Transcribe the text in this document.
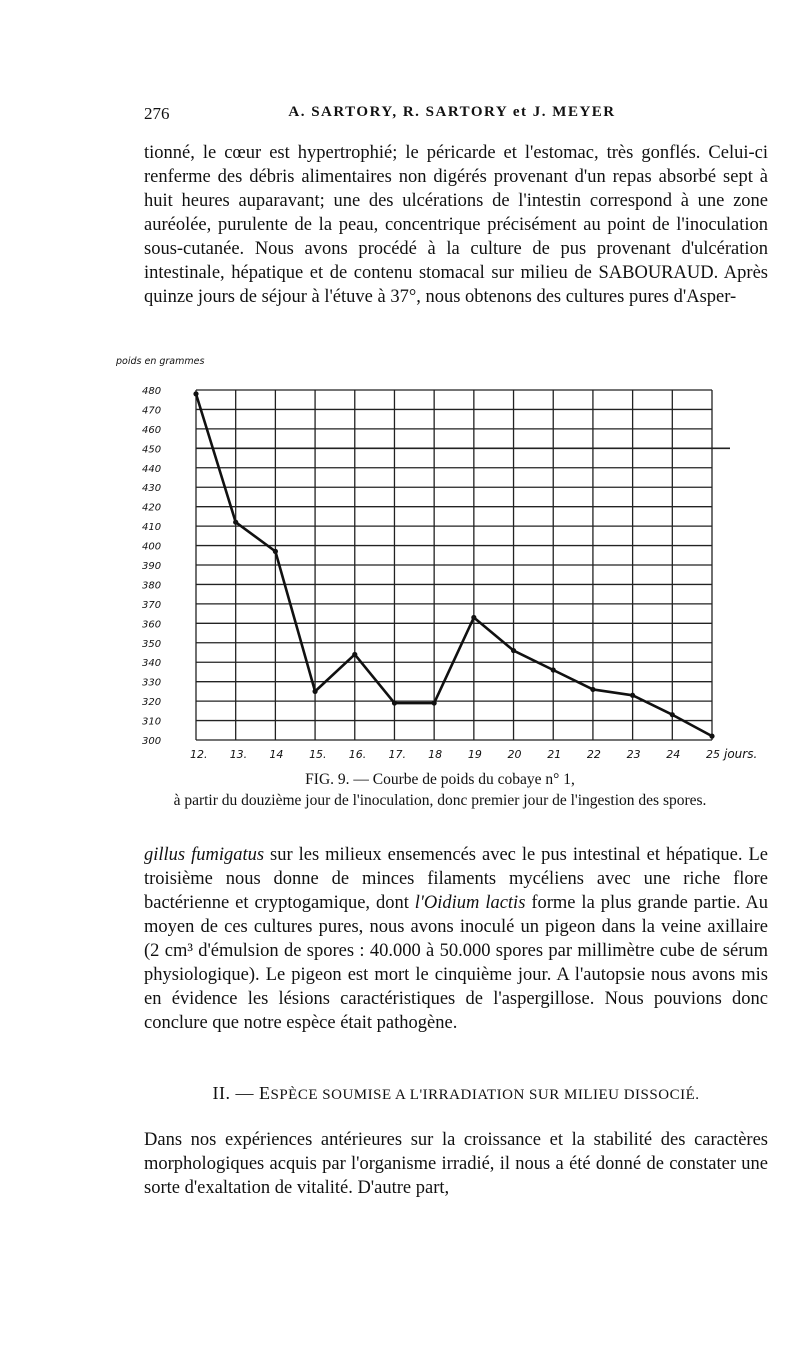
276	A. SARTORY, R. SARTORY et J. MEYER

tionné, le cœur est hypertrophié; le péricarde et l'estomac, très gonflés. Celui-ci renferme des débris alimentaires non digérés provenant d'un repas absorbé sept à huit heures auparavant; une des ulcérations de l'intestin correspond à une zone auréolée, purulente de la peau, concentrique précisément au point de l'inoculation sous-cutanée. Nous avons procédé à la culture de pus provenant d'ulcération intestinale, hépatique et de contenu stomacal sur milieu de SABOURAUD. Après quinze jours de séjour à l'étuve à 37°, nous obtenons des cultures pures d'Asper-

480
470
460
450
440
430
420
410
400
390
380
370
360
350
340
330
320
310
300
12. 13. 14 15. 16. 17. 18 19 20 21 22 23 24 25
poids en grammes
jours.
FIG. 9. — Courbe de poids du cobaye n° 1,
à partir du douzième jour de l'inoculation, donc premier jour de l'ingestion des spores.

gillus fumigatus sur les milieux ensemencés avec le pus intestinal et hépatique. Le troisième nous donne de minces filaments mycéliens avec une riche flore bactérienne et cryptogamique, dont l'Oidium lactis forme la plus grande partie. Au moyen de ces cultures pures, nous avons inoculé un pigeon dans la veine axillaire (2 cm³ d'émulsion de spores : 40.000 à 50.000 spores par millimètre cube de sérum physiologique). Le pigeon est mort le cinquième jour. A l'autopsie nous avons mis en évidence les lésions caractéristiques de l'aspergillose. Nous pouvions donc conclure que notre espèce était pathogène.

II. — ESPÈCE SOUMISE A L'IRRADIATION SUR MILIEU DISSOCIÉ.

Dans nos expériences antérieures sur la croissance et la stabilité des caractères morphologiques acquis par l'organisme irradié, il nous a été donné de constater une sorte d'exaltation de vitalité. D'autre part,
